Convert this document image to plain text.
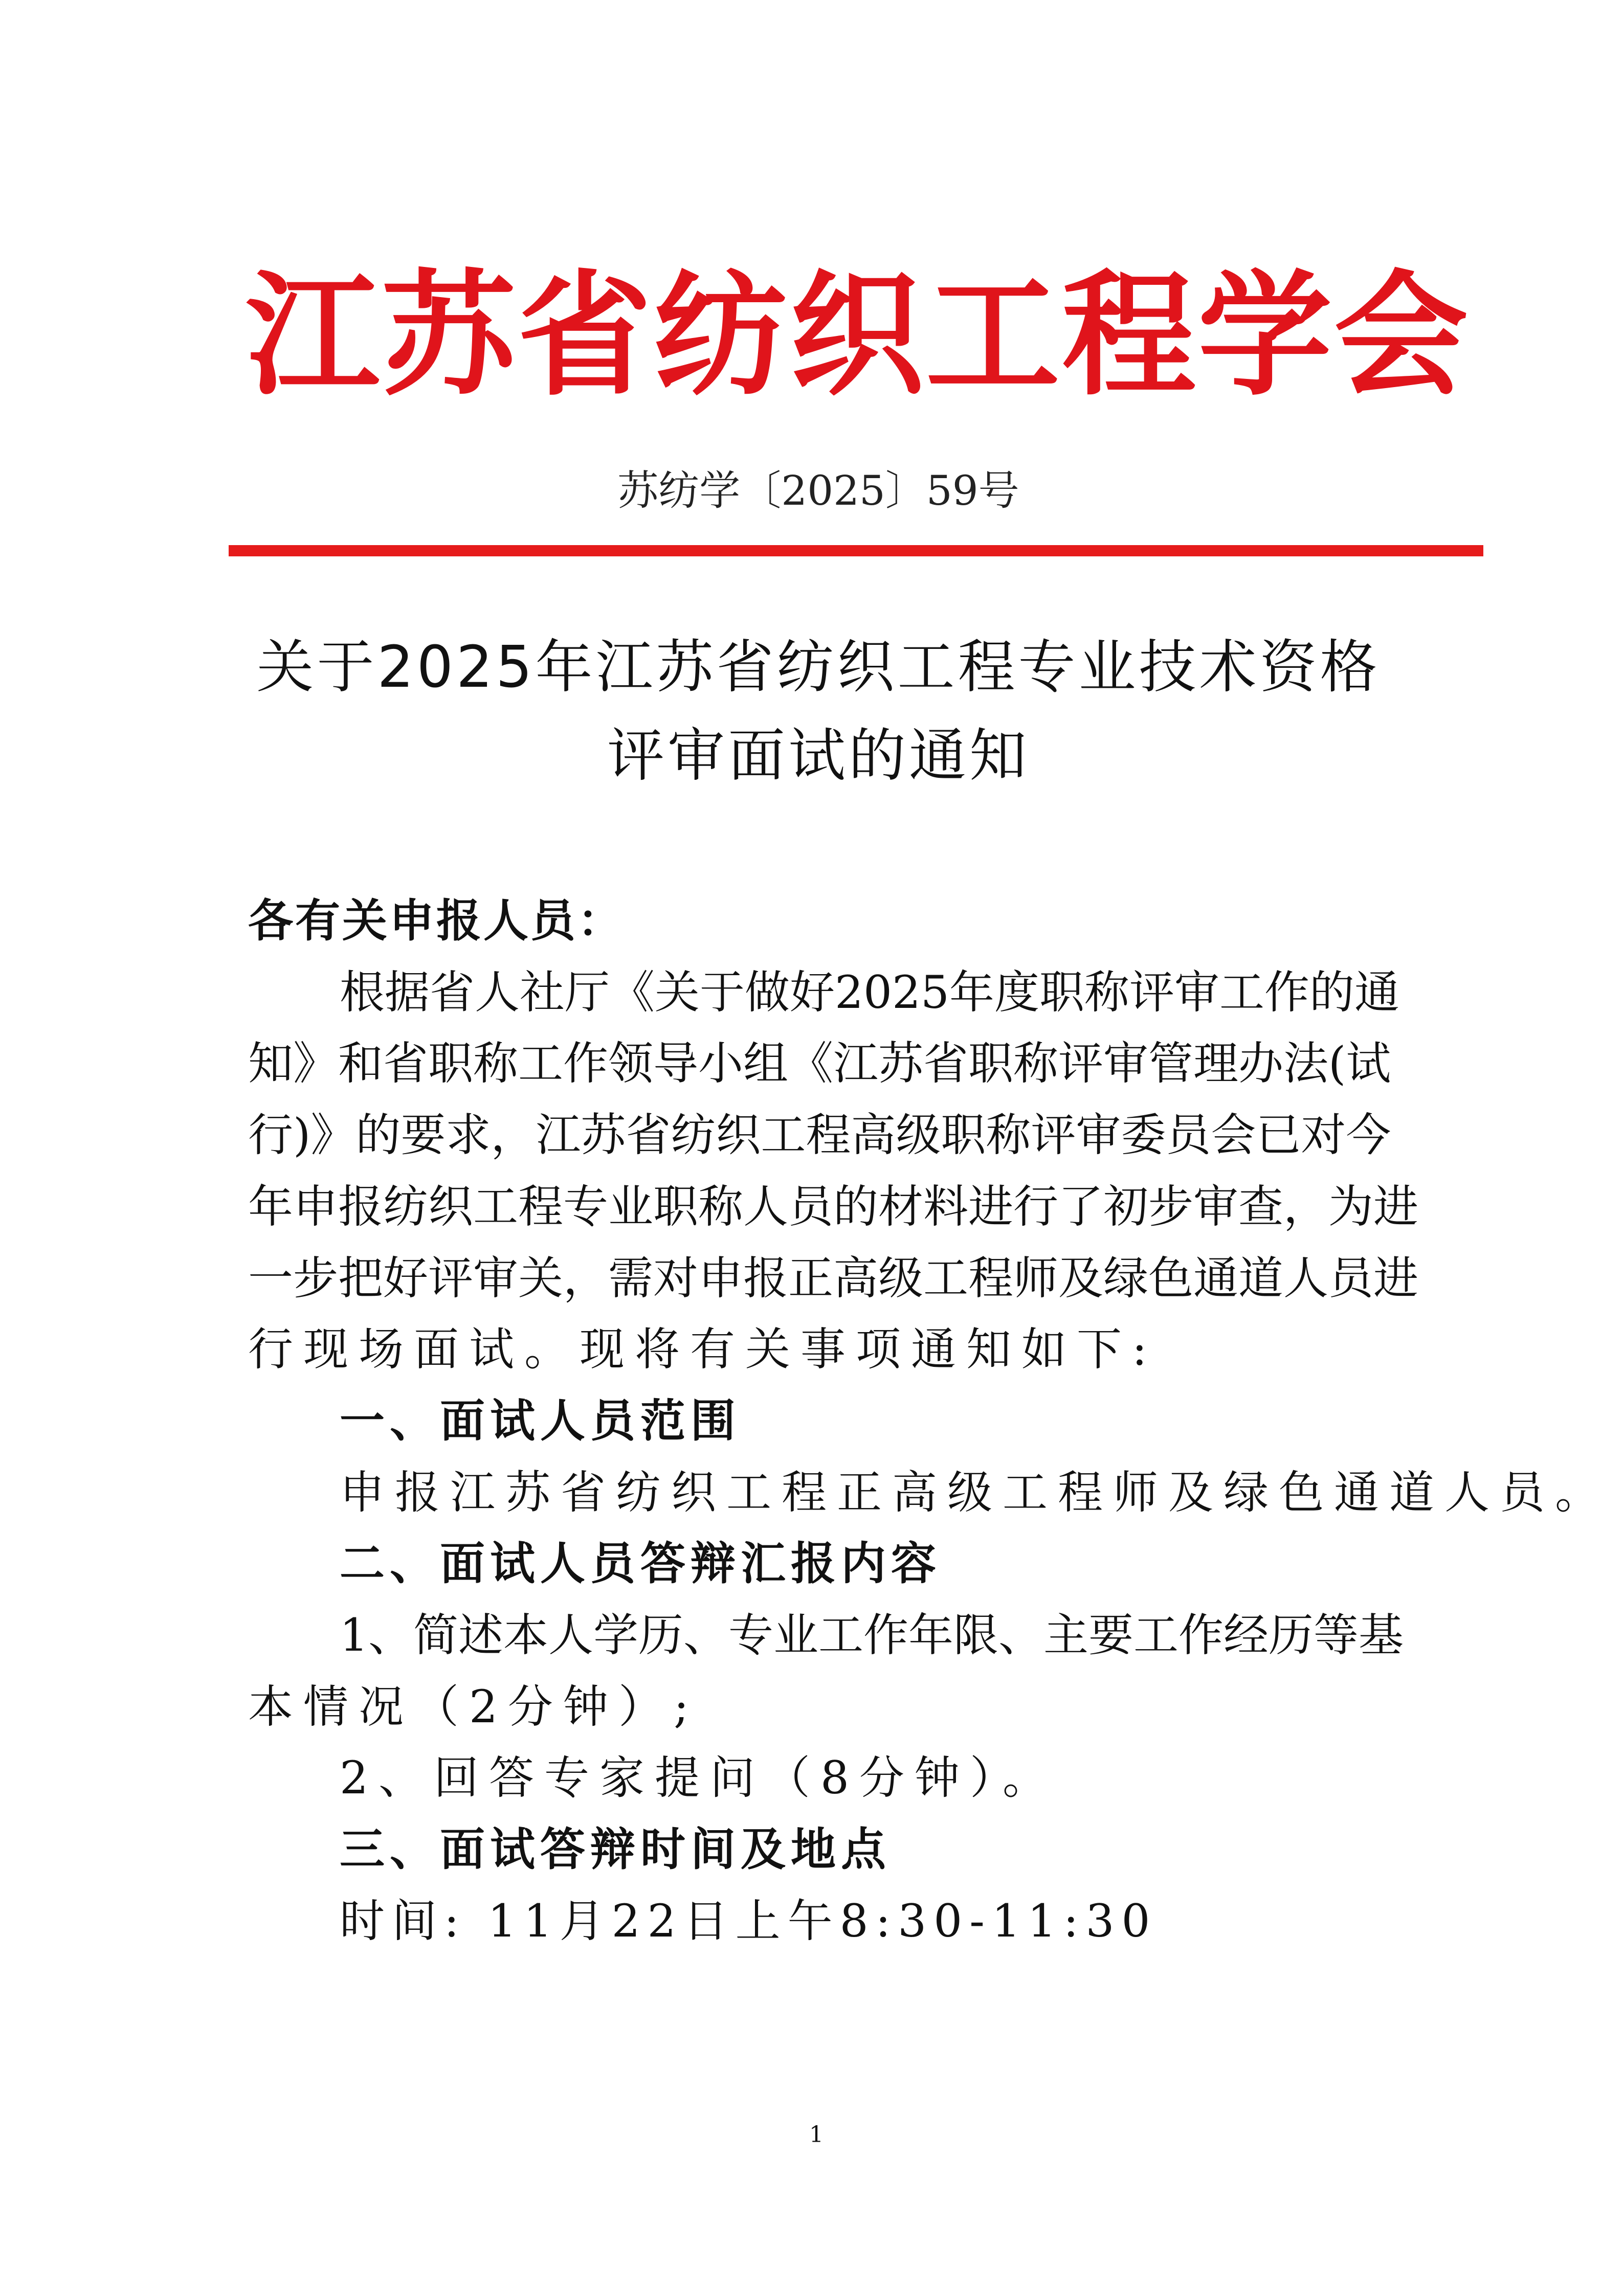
江苏省纺织工程学会
苏纺学〔2025〕59号
关于2025年江苏省纺织工程专业技术资格
评审面试的通知
各有关申报人员：
根据省人社厅《关于做好2025年度职称评审工作的通
知》和省职称工作领导小组《江苏省职称评审管理办法(试
行)》的要求，江苏省纺织工程高级职称评审委员会已对今
年申报纺织工程专业职称人员的材料进行了初步审查，为进
一步把好评审关，需对申报正高级工程师及绿色通道人员进
行现场面试。现将有关事项通知如下:
一、面试人员范围
申报江苏省纺织工程正高级工程师及绿色通道人员。
二、面试人员答辩汇报内容
1、简述本人学历、专业工作年限、主要工作经历等基
本情况（2分钟）;
2、回答专家提问（8分钟）。
三、面试答辩时间及地点
时间: 11月22日上午8:30-11:30
1
